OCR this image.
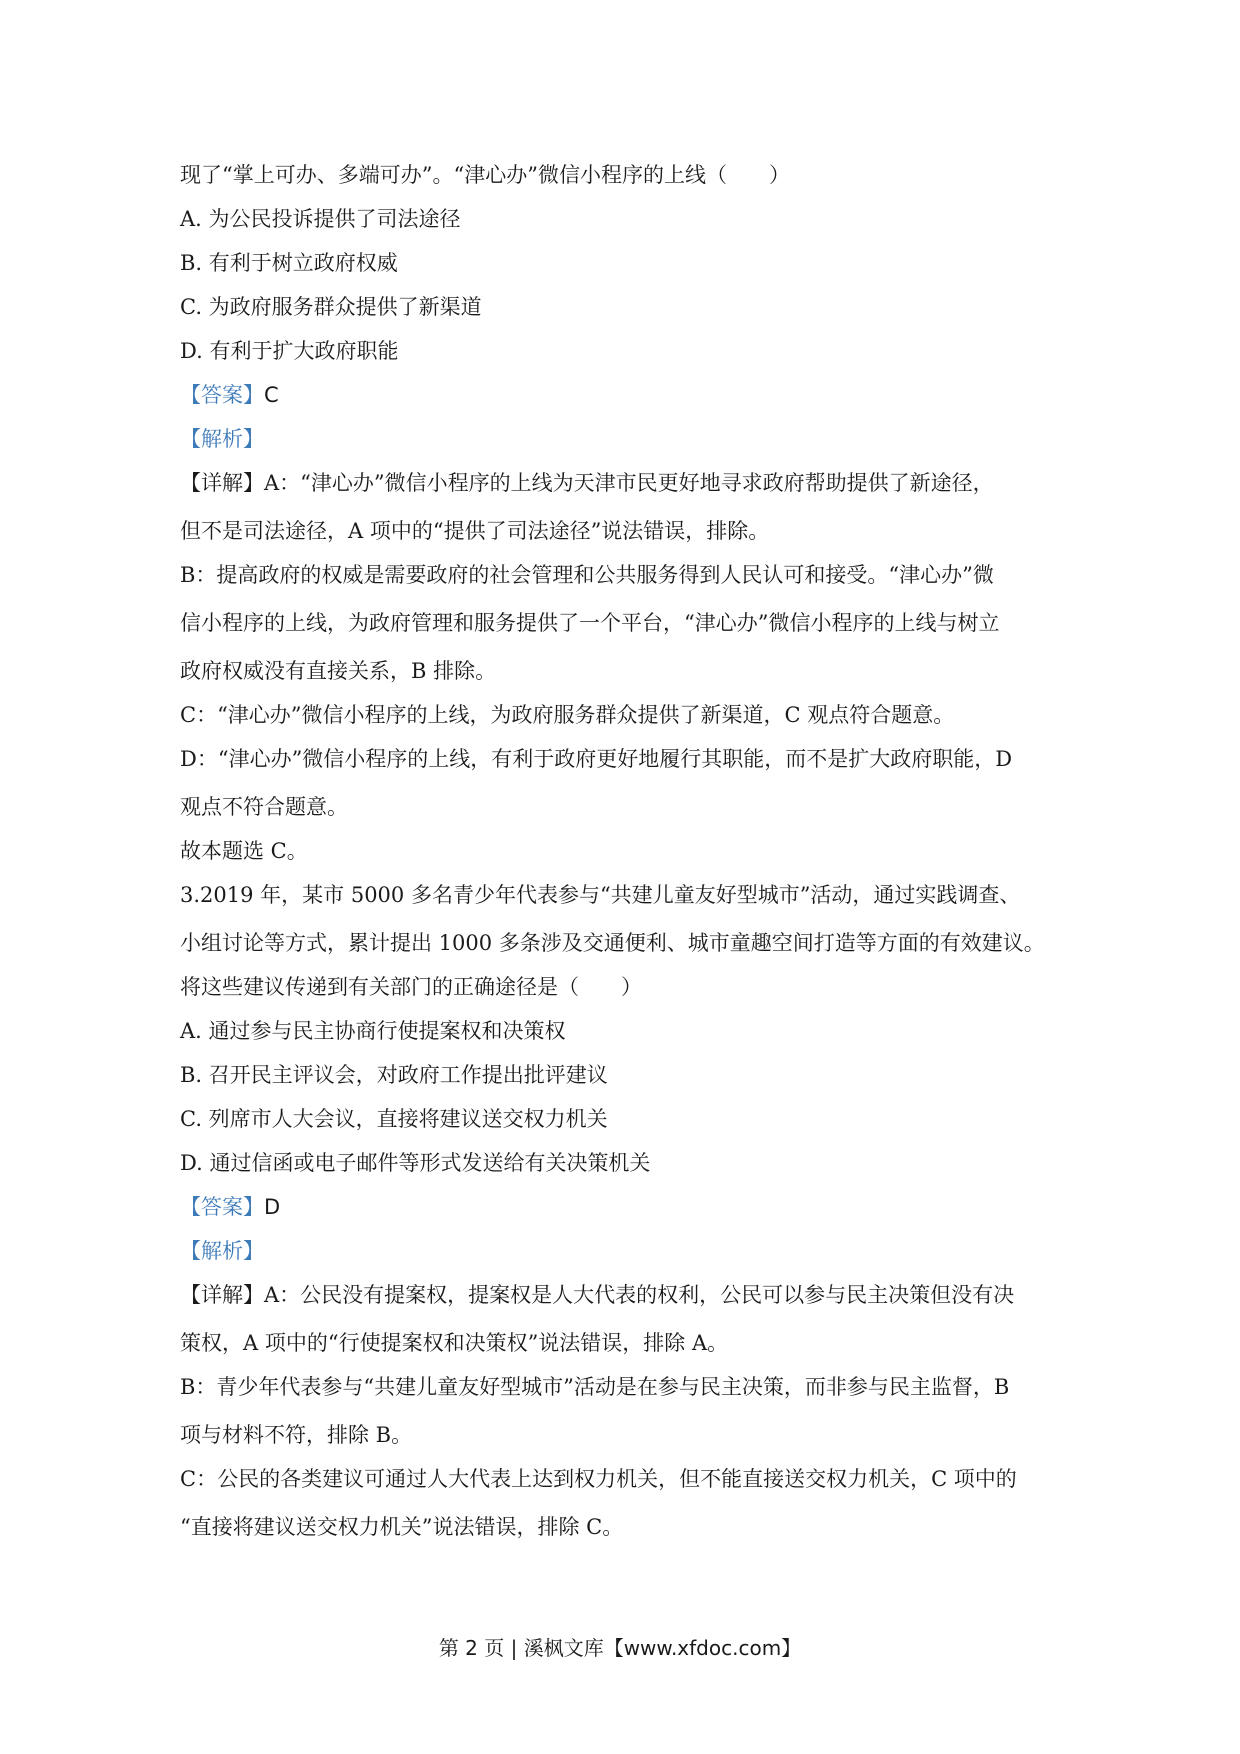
现了“掌上可办、多端可办”。“津心办”微信小程序的上线（　　）

A. 为公民投诉提供了司法途径

B. 有利于树立政府权威

C. 为政府服务群众提供了新渠道

D. 有利于扩大政府职能

【答案】C

【解析】

【详解】A：“津心办”微信小程序的上线为天津市民更好地寻求政府帮助提供了新途径，

但不是司法途径，A 项中的“提供了司法途径”说法错误，排除。

B：提高政府的权威是需要政府的社会管理和公共服务得到人民认可和接受。“津心办”微

信小程序的上线，为政府管理和服务提供了一个平台，“津心办”微信小程序的上线与树立

政府权威没有直接关系，B 排除。

C：“津心办”微信小程序的上线，为政府服务群众提供了新渠道，C 观点符合题意。

D：“津心办”微信小程序的上线，有利于政府更好地履行其职能，而不是扩大政府职能，D

观点不符合题意。

故本题选 C。

3.2019 年，某市 5000 多名青少年代表参与“共建儿童友好型城市”活动，通过实践调查、

小组讨论等方式，累计提出 1000 多条涉及交通便利、城市童趣空间打造等方面的有效建议。

将这些建议传递到有关部门的正确途径是（　　）

A. 通过参与民主协商行使提案权和决策权

B. 召开民主评议会，对政府工作提出批评建议

C. 列席市人大会议，直接将建议送交权力机关

D. 通过信函或电子邮件等形式发送给有关决策机关

【答案】D

【解析】

【详解】A：公民没有提案权，提案权是人大代表的权利，公民可以参与民主决策但没有决

策权，A 项中的“行使提案权和决策权”说法错误，排除 A。

B：青少年代表参与“共建儿童友好型城市”活动是在参与民主决策，而非参与民主监督，B

项与材料不符，排除 B。

C：公民的各类建议可通过人大代表上达到权力机关，但不能直接送交权力机关，C 项中的

“直接将建议送交权力机关”说法错误，排除 C。

第 2 页 | 溪枫文库【www.xfdoc.com】
